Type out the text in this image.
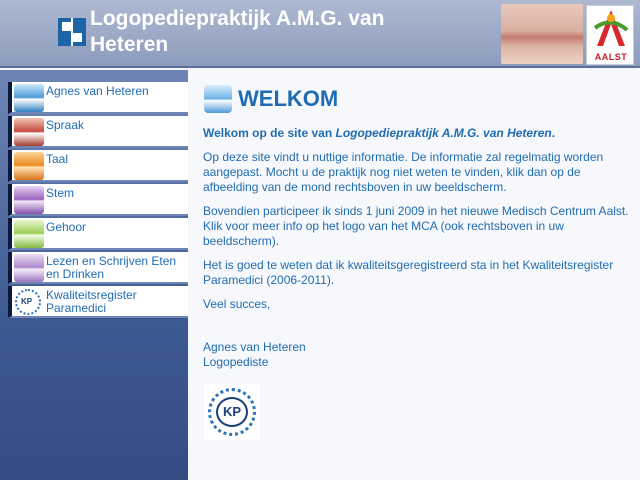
Logopediepraktijk A.M.G. van Heteren
AALST
Agnes van Heteren
Spraak
Taal
Stem
Gehoor
Lezen en Schrijven Eten en Drinken
KP Kwaliteitsregister Paramedici
WELKOM

Welkom op de site van Logopediepraktijk A.M.G. van Heteren.

Op deze site vindt u nuttige informatie. De informatie zal regelmatig worden aangepast. Mocht u de praktijk nog niet weten te vinden, klik dan op de afbeelding van de mond rechtsboven in uw beeldscherm.

Bovendien participeer ik sinds 1 juni 2009 in het nieuwe Medisch Centrum Aalst. Klik voor meer info op het logo van het MCA (ook rechtsboven in uw beeldscherm).

Het is goed te weten dat ik kwaliteitsgeregistreerd sta in het Kwaliteitsregister Paramedici (2006-2011).

Veel succes,

Agnes van Heteren
Logopediste
KP
